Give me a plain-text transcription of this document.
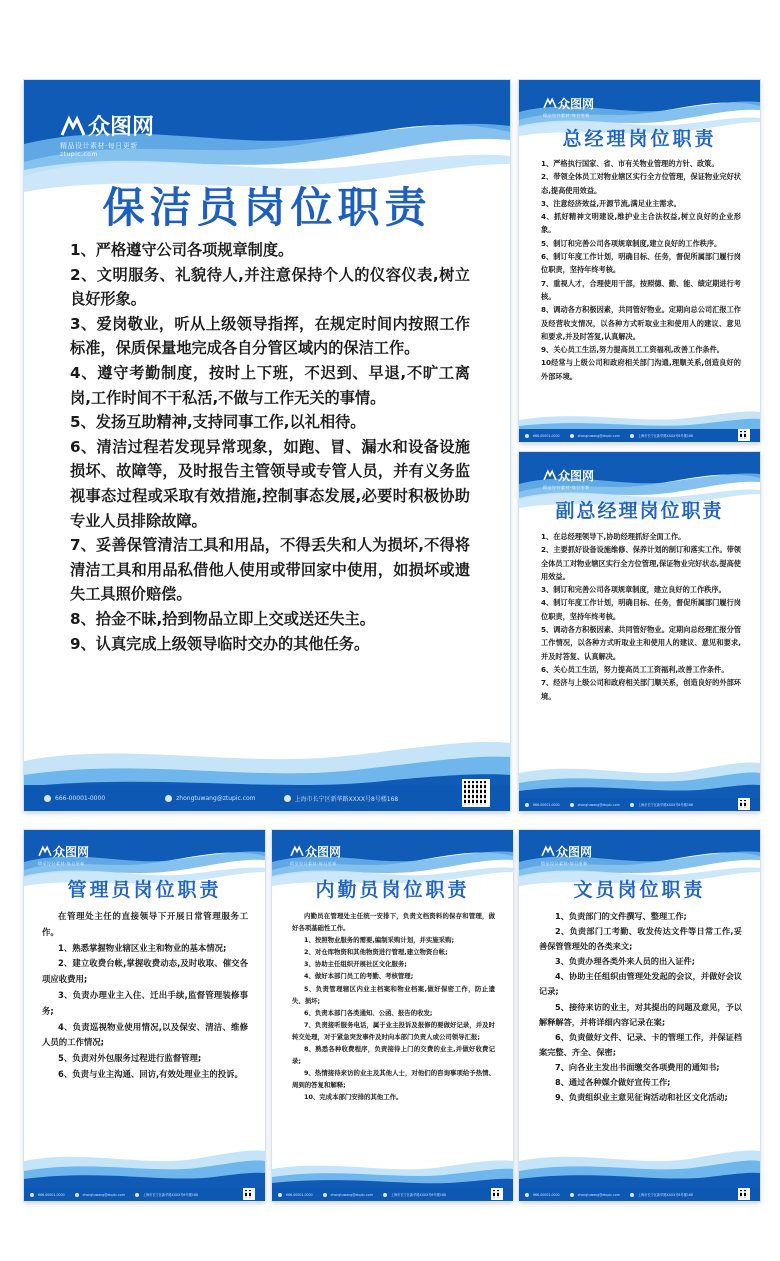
众图网
精品设计素材·每日更新
ztupic.com
保洁员岗位职责

1、严格遵守公司各项规章制度。

2、文明服务、礼貌待人,并注意保持个人的仪容仪表,树立良好形象。

3、爱岗敬业，听从上级领导指挥，在规定时间内按照工作标准，保质保量地完成各自分管区域内的保洁工作。

4、遵守考勤制度，按时上下班，不迟到、早退,不旷工离岗,工作时间不干私活,不做与工作无关的事情。

5、发扬互助精神,支持同事工作,以礼相待。

6、清洁过程若发现异常现象，如跑、冒、漏水和设备设施损坏、故障等，及时报告主管领导或专管人员，并有义务监视事态过程或采取有效措施,控制事态发展,必要时积极协助专业人员排除故障。

7、妥善保管清洁工具和用品，不得丢失和人为损坏,不得将清洁工具和用品私借他人使用或带回家中使用，如损坏或遗失工具照价赔偿。

8、拾金不昧,拾到物品立即上交或送还失主。

9、认真完成上级领导临时交办的其他任务。

666-00001-0000	zhongtuwang@ztupic.com	上海市长宁区新华路XXXX号8号楼168
众图网
精品设计素材·每日更新
总经理岗位职责

1、严格执行国家、省、市有关物业管理的方针、政策。

2、带领全体员工对物业辖区实行全方位管理，保证物业完好状态,提高使用效益。

3、注意经济效益,开源节流,满足业主需求。

4、抓好精神文明建设,维护业主合法权益,树立良好的企业形象。

5、制订和完善公司各项规章制度,建立良好的工作秩序。

6、制订年度工作计划，明确目标、任务，督促所属部门履行岗位职责，坚持年终考核。

7、重视人才，合理使用干部，按照德、勤、能、绩定期进行考核。

8、调动各方积极因素，共同管好物业。定期向总公司汇报工作及经营收支情况，以各种方式听取业主和使用人的建议、意见和要求,并及时答复,认真解决。

9、关心员工生活,努力提高员工工资福利,改善工作条件。

10经常与上级公司和政府相关部门沟通,理顺关系,创造良好的外部环境。

666-00001-0000	zhongtuwang@ztupic.com	上海市长宁区新华路XXXX号8号楼168
众图网
精品设计素材·每日更新
副总经理岗位职责

1、在总经理领导下,协助经理抓好全面工作。

2、主要抓好设备设施维修、保养计划的制订和落实工作。带领全体员工对物业辖区实行全方位管理,保证物业完好状态,提高使用效益。

3、制订和完善公司各项规章制度，建立良好的工作秩序。

4、制订年度工作计划，明确目标、任务，督促所属部门履行岗位职责，坚持年终考核。

5、调动各方积极因素、共同管好物业。定期向总经理汇报分管工作情况，以各种方式听取业主和使用人的建议、意见和要求,并及时答复、认真解决。

6、关心员工生活，努力提高员工工资福利,改善工作条件。

7、经济与上级公司和政府相关部门顺关系，创造良好的外部环境。

666-00001-0000	zhongtuwang@ztupic.com	上海市长宁区新华路XXXX号8号楼168
众图网
精品设计素材·每日更新
管理员岗位职责

在管理处主任的直接领导下开展日常管理服务工作。

1、熟悉掌握物业辖区业主和物业的基本情况;

2、建立收费台帐,掌握收费动态,及时收取、催交各项应收费用;

3、负责办理业主入住、迁出手续,监督管理装修事务;

4、负责巡视物业使用情况,以及保安、清洁、维修人员的工作情况;

5、负责对外包服务过程进行监督管理;

6、负责与业主沟通、回访,有效处理业主的投诉。

666-00001-0000	zhongtuwang@ztupic.com	上海市长宁区新华路XXXX号8号楼168
众图网
精品设计素材·每日更新
内勤员岗位职责

内勤员在管理处主任统一安排下，负责文档资料的保存和管理，做好各项基础性工作。

1、按照物业服务的需要,编制采购计划，并实施采购;

2、对仓库物资和其他物资进行管理,建立物资台帐;

3、协助主任组织开展社区文化服务;

4、做好本部门员工的考勤、考核管理;

5、负责管理辖区内业主档案和物业档案,做好保密工作，防止遗失、损坏;

6、负责本部门各类通知、公函、报告的收发;

7、负责接听服务电话，属于业主投诉及报修的要做好记录，并及时转交处理，对于紧急突发事件及时向本部门负责人或公司领导汇报;

8、熟悉各种收费程序，负责接待上门的交费的业主,并做好收费记录;

9、热情接待来访的业主及其他人士，对他们的咨询事项给予热情、周到的答复和解释;

10、完成本部门安排的其他工作。

666-00001-0000	zhongtuwang@ztupic.com	上海市长宁区新华路XXXX号8号楼168
众图网
精品设计素材·每日更新
文员岗位职责

1、负责部门的文件撰写、整理工作;

2、负责部门工考勤、收发传达文件等日常工作,妥善保管管理处的各类来文;

3、负责办理各类外来人员的出入证件;

4、协助主任组织由管理处发起的会议，并做好会议记录;

5、接待来访的业主，对其提出的问题及意见，予以解释解答，并将详细内容记录在案;

6、负责做好文件、记录、卡的管理工作，并保证档案完整、齐全、保密;

7、向各业主发出书面缴交各项费用的通知书;

8、通过各种媒介做好宣传工作;

9、负责组织业主意见征询活动和社区文化活动;

666-00001-0000	zhongtuwang@ztupic.com	上海市长宁区新华路XXXX号8号楼168
